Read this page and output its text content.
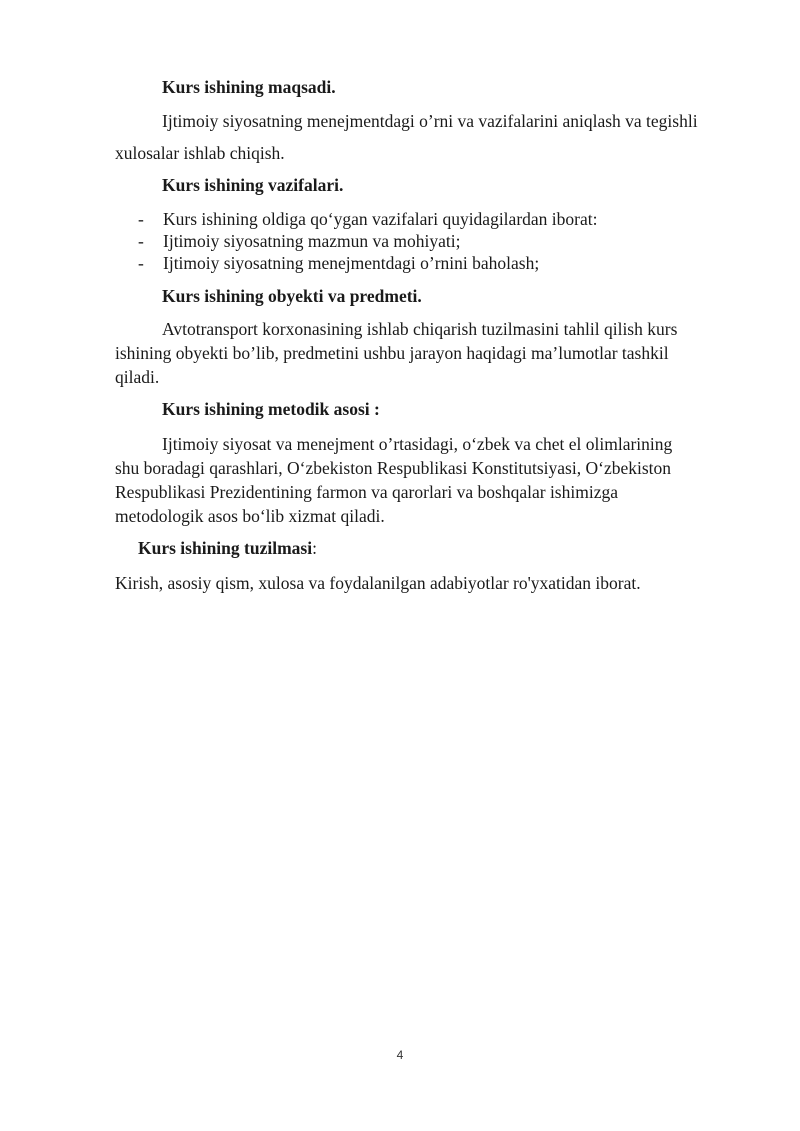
Kurs ishining maqsadi.
Ijtimoiy siyosatning menejmentdagi o’rni va vazifalarini aniqlash va tegishli
xulosalar ishlab chiqish.
Kurs ishining vazifalari.
- Kurs ishining oldiga qo‘ygan vazifalari quyidagilardan iborat:
- Ijtimoiy siyosatning mazmun va mohiyati;
- Ijtimoiy siyosatning menejmentdagi o’rnini baholash;
Kurs ishining obyekti va predmeti.
Avtotransport korxonasining ishlab chiqarish tuzilmasini tahlil qilish kurs
ishining obyekti bo’lib, predmetini ushbu jarayon haqidagi ma’lumotlar tashkil
qiladi.
Kurs ishining metodik asosi :
Ijtimoiy siyosat va menejment o’rtasidagi, o‘zbek va chet el olimlarining
shu boradagi qarashlari, O‘zbekiston Respublikasi Konstitutsiyasi, O‘zbekiston
Respublikasi Prezidentining farmon va qarorlari va boshqalar ishimizga
metodologik asos bo‘lib xizmat qiladi.
Kurs ishining tuzilmasi:
Kirish, asosiy qism, xulosa va foydalanilgan adabiyotlar ro'yxatidan iborat.
4
